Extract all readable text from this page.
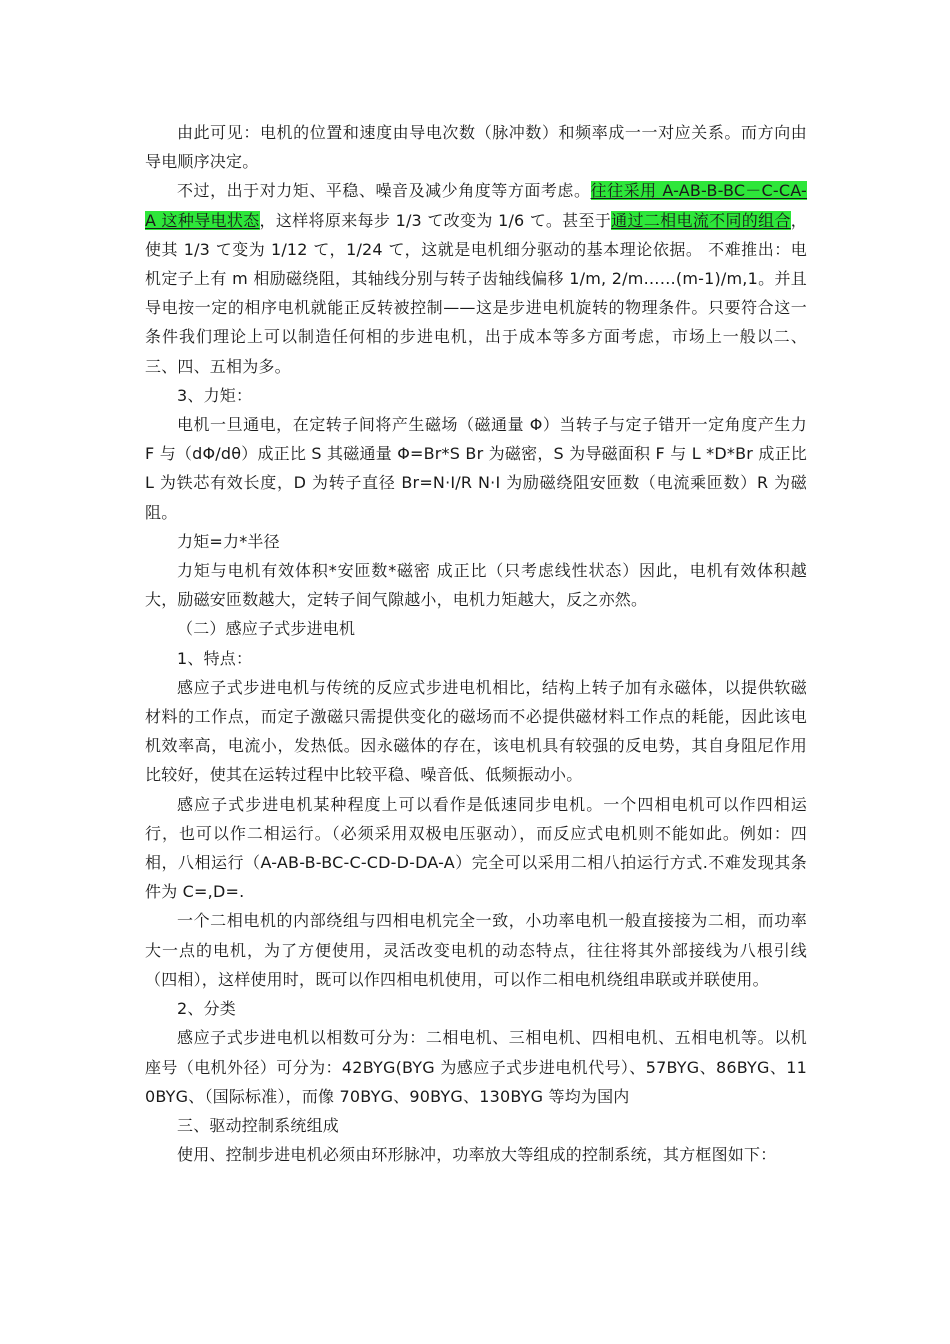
由此可见：电机的位置和速度由导电次数（脉冲数）和频率成一一对应关系。而方向由导电顺序决定。

不过，出于对力矩、平稳、噪音及减少角度等方面考虑。往往采用 A-AB-B-BC－C-CA-A 这种导电状态，这样将原来每步 1/3 て改变为 1/6 て。甚至于通过二相电流不同的组合，使其 1/3 て变为 1/12 て，1/24 て，这就是电机细分驱动的基本理论依据。 不难推出：电机定子上有 m 相励磁绕阻，其轴线分别与转子齿轴线偏移 1/m, 2/m……(m-1)/m,1。并且导电按一定的相序电机就能正反转被控制——这是步进电机旋转的物理条件。只要符合这一条件我们理论上可以制造任何相的步进电机，出于成本等多方面考虑，市场上一般以二、三、四、五相为多。

3、力矩：

电机一旦通电，在定转子间将产生磁场（磁通量 Φ）当转子与定子错开一定角度产生力 F 与（dΦ/dθ）成正比 S 其磁通量 Φ=Br*S Br 为磁密，S 为导磁面积 F 与 L *D*Br 成正比 L 为铁芯有效长度，D 为转子直径 Br=N·I/R N·I 为励磁绕阻安匝数（电流乘匝数）R 为磁阻。

力矩=力*半径

力矩与电机有效体积*安匝数*磁密 成正比（只考虑线性状态）因此，电机有效体积越大，励磁安匝数越大，定转子间气隙越小，电机力矩越大，反之亦然。

（二）感应子式步进电机

1、特点：

感应子式步进电机与传统的反应式步进电机相比，结构上转子加有永磁体，以提供软磁材料的工作点，而定子激磁只需提供变化的磁场而不必提供磁材料工作点的耗能，因此该电机效率高，电流小，发热低。因永磁体的存在，该电机具有较强的反电势，其自身阻尼作用比较好，使其在运转过程中比较平稳、噪音低、低频振动小。

感应子式步进电机某种程度上可以看作是低速同步电机。一个四相电机可以作四相运行，也可以作二相运行。（必须采用双极电压驱动），而反应式电机则不能如此。例如：四相，八相运行（A-AB-B-BC-C-CD-D-DA-A）完全可以采用二相八拍运行方式.不难发现其条件为 C=,D=.

一个二相电机的内部绕组与四相电机完全一致，小功率电机一般直接接为二相，而功率大一点的电机，为了方便使用，灵活改变电机的动态特点，往往将其外部接线为八根引线（四相），这样使用时，既可以作四相电机使用，可以作二相电机绕组串联或并联使用。

2、分类

感应子式步进电机以相数可分为：二相电机、三相电机、四相电机、五相电机等。以机座号（电机外径）可分为：42BYG(BYG 为感应子式步进电机代号）、57BYG、86BYG、110BYG、（国际标准），而像 70BYG、90BYG、130BYG 等均为国内

三、驱动控制系统组成

使用、控制步进电机必须由环形脉冲，功率放大等组成的控制系统，其方框图如下：
